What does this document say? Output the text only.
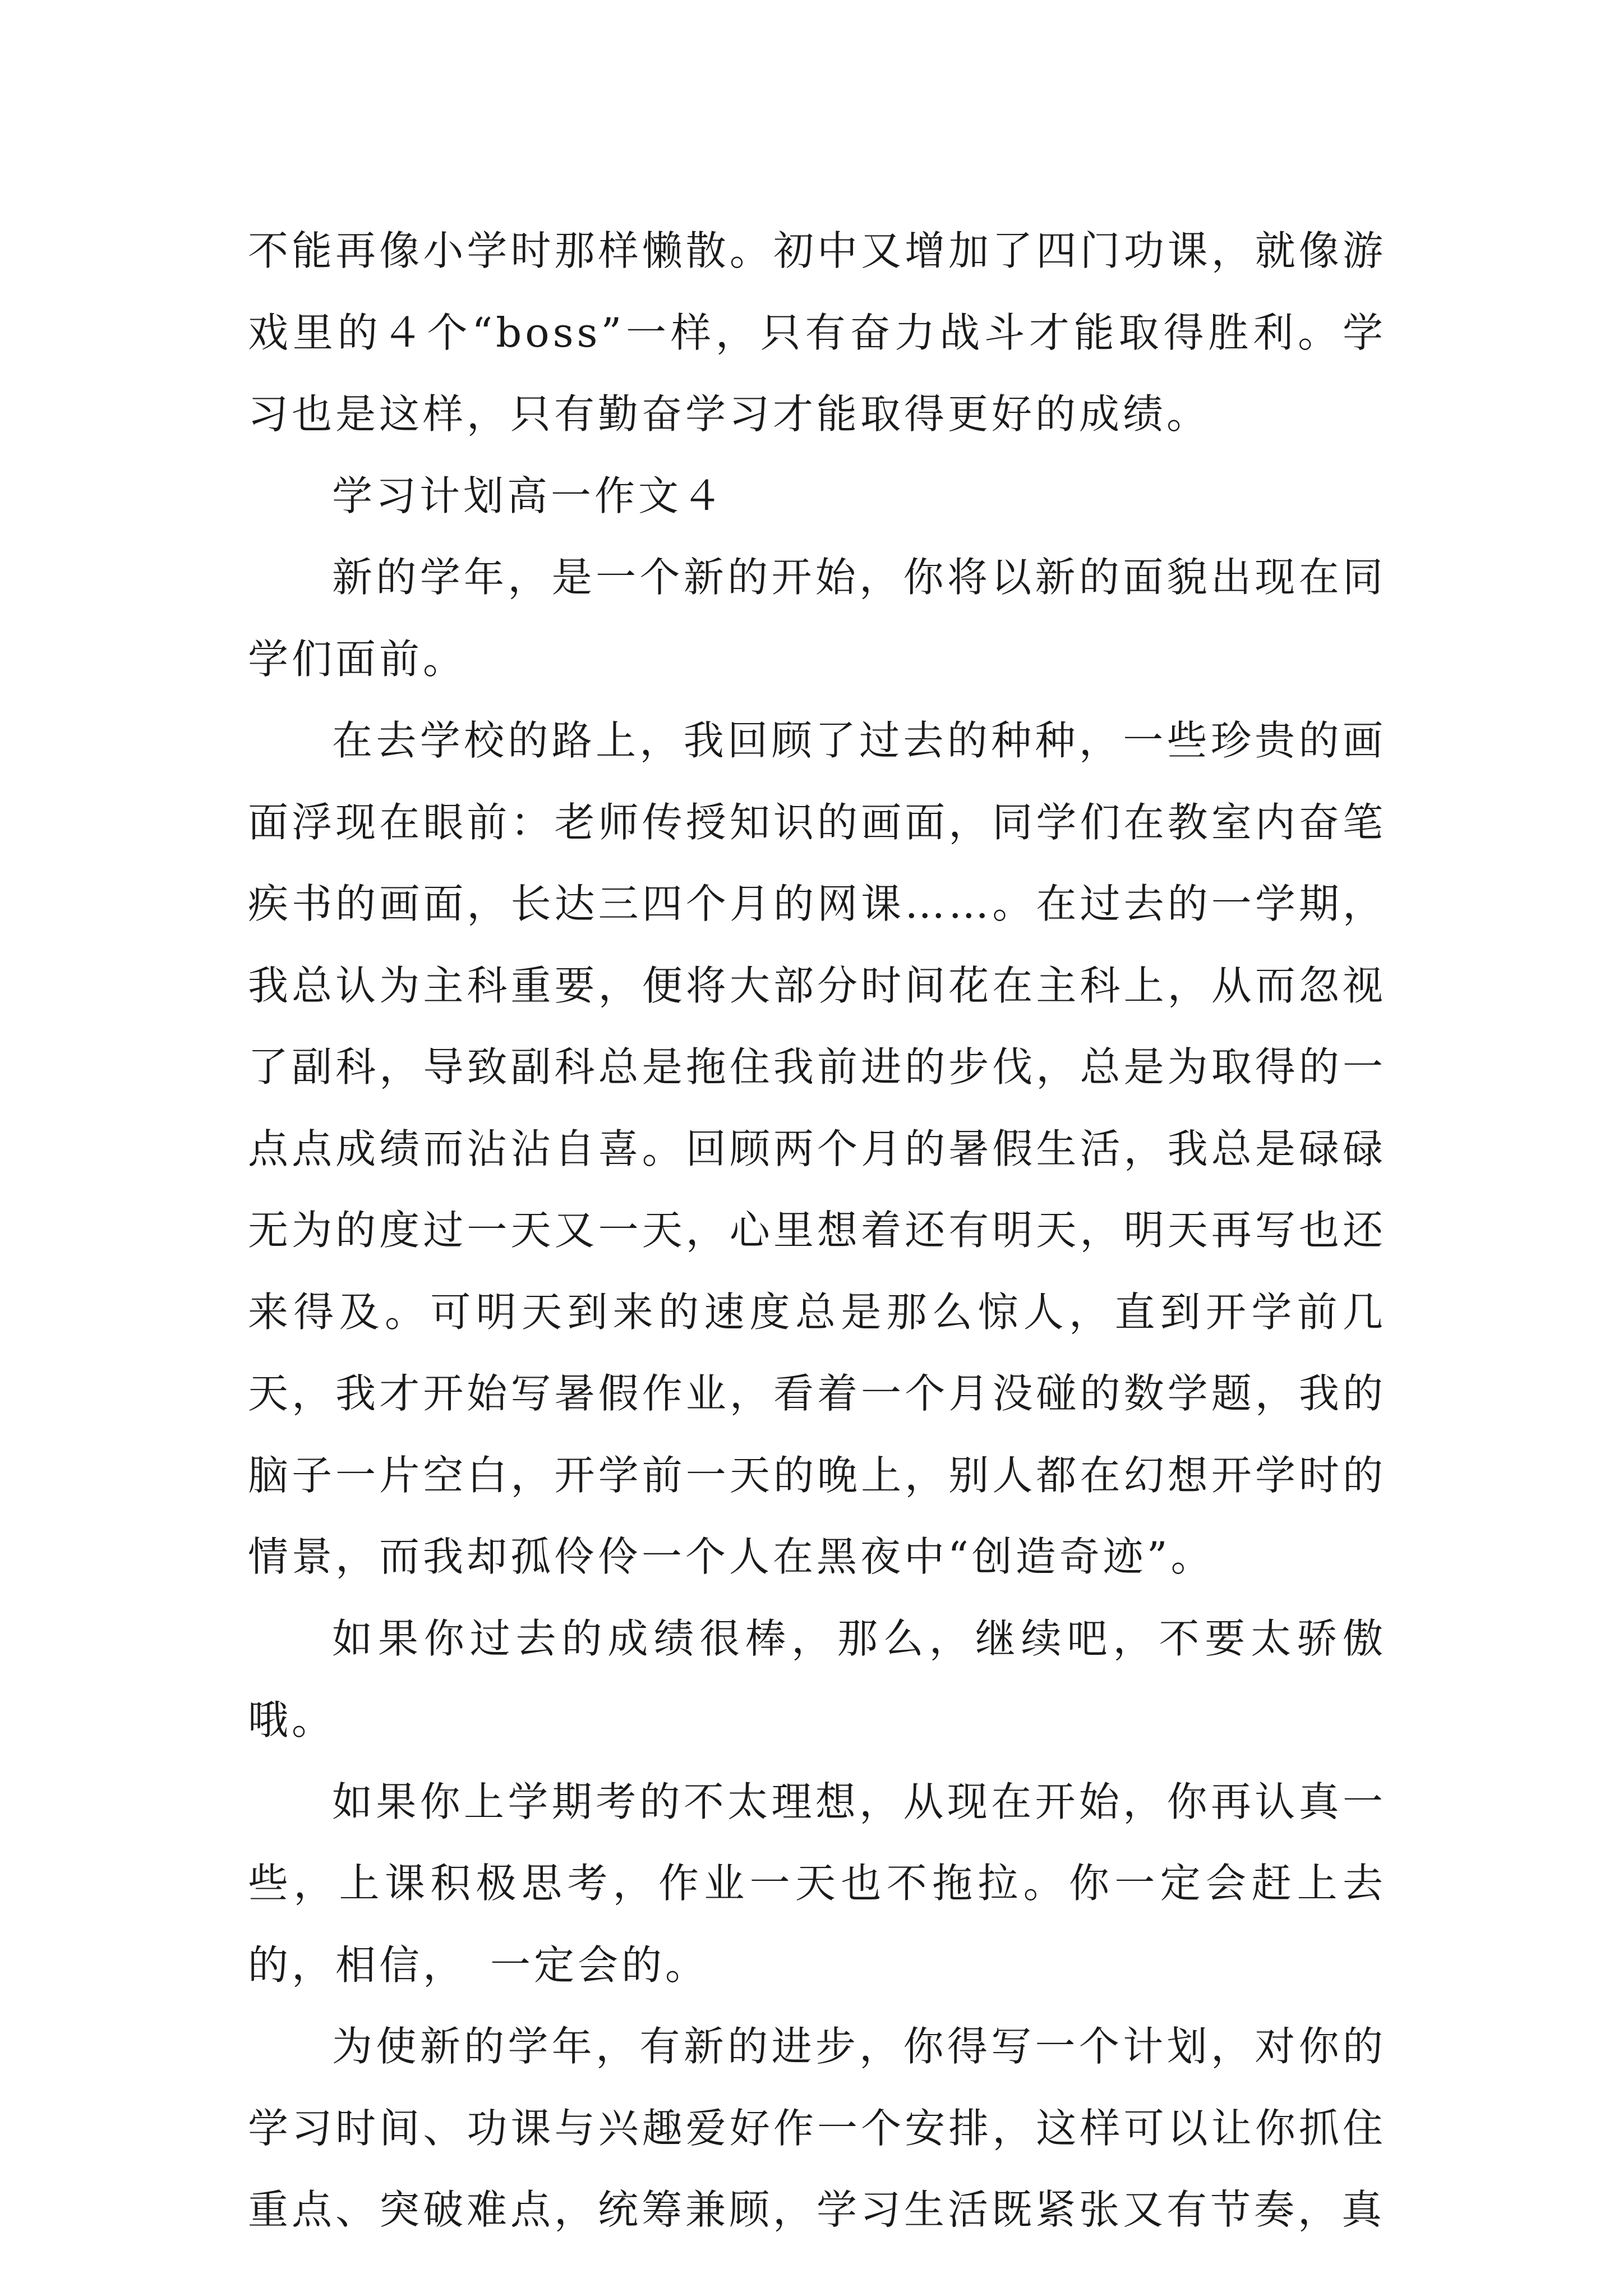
不能再像小学时那样懒散。初中又增加了四门功课，就像游戏里的４个“boss”一样，只有奋力战斗才能取得胜利。学习也是这样，只有勤奋学习才能取得更好的成绩。

学习计划高一作文４

新的学年，是一个新的开始，你将以新的面貌出现在同学们面前。

在去学校的路上，我回顾了过去的种种，一些珍贵的画面浮现在眼前：老师传授知识的画面，同学们在教室内奋笔疾书的画面，长达三四个月的网课……。在过去的一学期，我总认为主科重要，便将大部分时间花在主科上，从而忽视了副科，导致副科总是拖住我前进的步伐，总是为取得的一点点成绩而沾沾自喜。回顾两个月的暑假生活，我总是碌碌无为的度过一天又一天，心里想着还有明天，明天再写也还来得及。可明天到来的速度总是那么惊人，直到开学前几天，我才开始写暑假作业，看着一个月没碰的数学题，我的脑子一片空白，开学前一天的晚上，别人都在幻想开学时的情景，而我却孤伶伶一个人在黑夜中“创造奇迹”。

如果你过去的成绩很棒，那么，继续吧，不要太骄傲哦。

如果你上学期考的不太理想，从现在开始，你再认真一些，上课积极思考，作业一天也不拖拉。你一定会赶上去的，相信，　一定会的。

为使新的学年，有新的进步，你得写一个计划，对你的学习时间、功课与兴趣爱好作一个安排，这样可以让你抓住重点、突破难点，统筹兼顾，学习生活既紧张又有节奏，真
